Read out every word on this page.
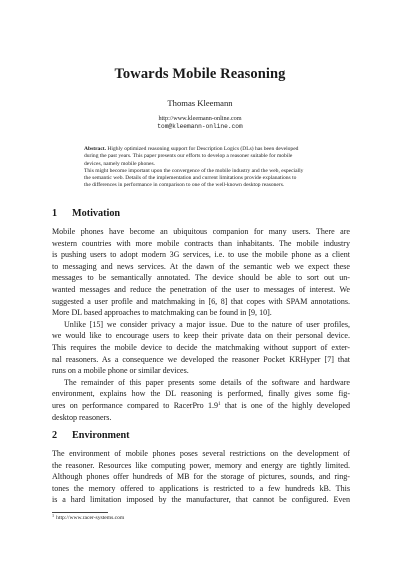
Towards Mobile Reasoning
Thomas Kleemann
http://www.kleemann-online.com
tom@kleemann-online.com
Abstract. Highly optimized reasoning support for Description Logics (DLs) has been developed
during the past years. This paper presents our efforts to develop a reasoner suitable for mobile
devices, namely mobile phones.
This might become important upon the convergence of the mobile industry and the web, especially
the semantic web. Details of the implementation and current limitations provide explanations to
the differences in performance in comparison to one of the well-known desktop reasoners.
1 Motivation
Mobile phones have become an ubiquitous companion for many users. There are
western countries with more mobile contracts than inhabitants. The mobile industry
is pushing users to adopt modern 3G services, i.e. to use the mobile phone as a client
to messaging and news services. At the dawn of the semantic web we expect these
messages to be semantically annotated. The device should be able to sort out un-
wanted messages and reduce the penetration of the user to messages of interest. We
suggested a user profile and matchmaking in [6, 8] that copes with SPAM annotations.
More DL based approaches to matchmaking can be found in [9, 10].
Unlike [15] we consider privacy a major issue. Due to the nature of user profiles,
we would like to encourage users to keep their private data on their personal device.
This requires the mobile device to decide the matchmaking without support of exter-
nal reasoners. As a consequence we developed the reasoner Pocket KRHyper [7] that
runs on a mobile phone or similar devices.
The remainder of this paper presents some details of the software and hardware
environment, explains how the DL reasoning is performed, finally gives some fig-
ures on performance compared to RacerPro $1.9^1$ that is one of the highly developed
desktop reasoners.
2 Environment
The environment of mobile phones poses several restrictions on the development of
the reasoner. Resources like computing power, memory and energy are tightly limited.
Although phones offer hundreds of MB for the storage of pictures, sounds, and ring-
tones the memory offered to applications is restricted to a few hundreds kB. This
is a hard limitation imposed by the manufacturer, that cannot be configured. Even
$^1$ http://www.racer-systems.com
